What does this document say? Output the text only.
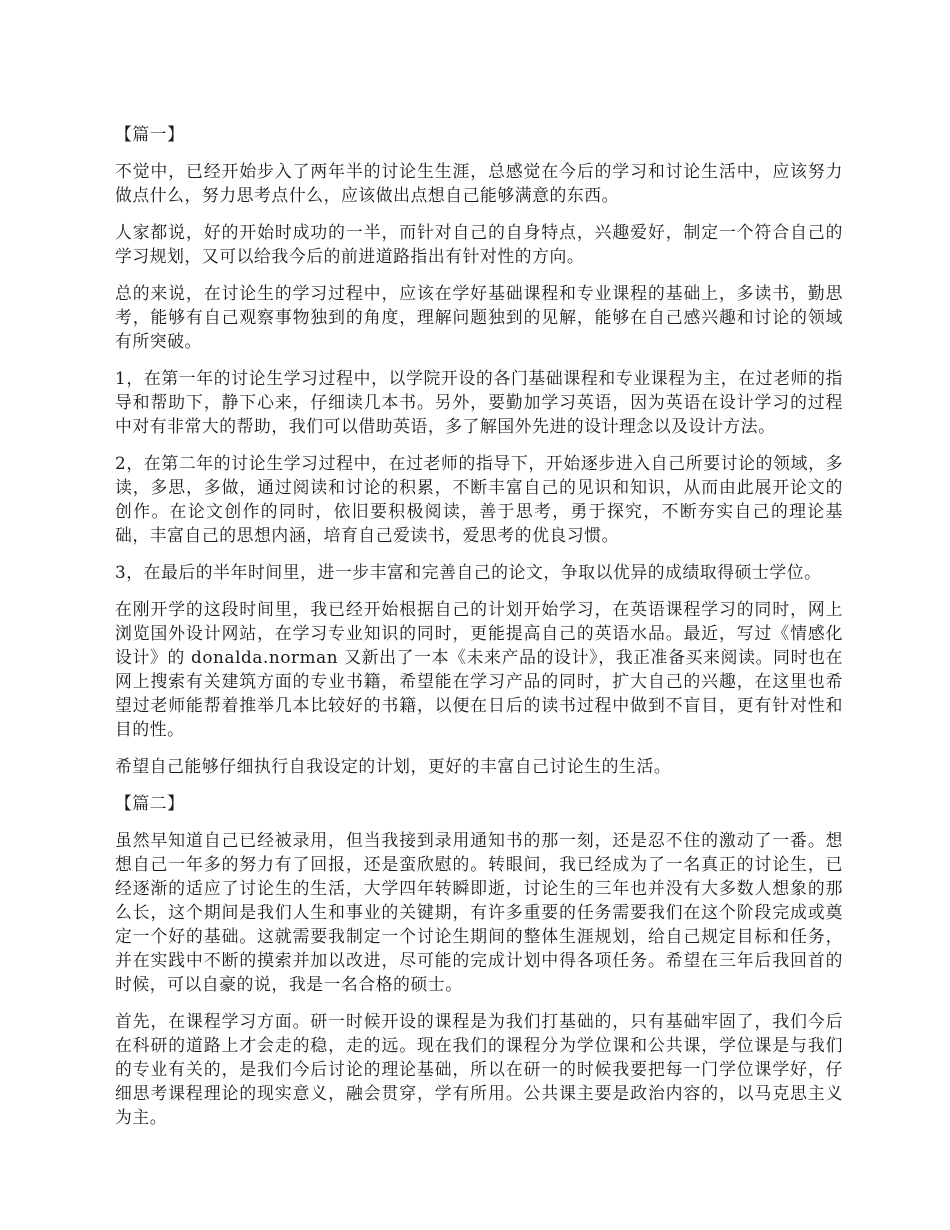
【篇一】

不觉中，已经开始步入了两年半的讨论生生涯，总感觉在今后的学习和讨论生活中，应该努力做点什么，努力思考点什么，应该做出点想自己能够满意的东西。

人家都说，好的开始时成功的一半，而针对自己的自身特点，兴趣爱好，制定一个符合自己的学习规划，又可以给我今后的前进道路指出有针对性的方向。

总的来说，在讨论生的学习过程中，应该在学好基础课程和专业课程的基础上，多读书，勤思考，能够有自己观察事物独到的角度，理解问题独到的见解，能够在自己感兴趣和讨论的领域有所突破。

1，在第一年的讨论生学习过程中，以学院开设的各门基础课程和专业课程为主，在过老师的指导和帮助下，静下心来，仔细读几本书。另外，要勤加学习英语，因为英语在设计学习的过程中对有非常大的帮助，我们可以借助英语，多了解国外先进的设计理念以及设计方法。

2，在第二年的讨论生学习过程中，在过老师的指导下，开始逐步进入自己所要讨论的领域，多读，多思，多做，通过阅读和讨论的积累，不断丰富自己的见识和知识，从而由此展开论文的创作。在论文创作的同时，依旧要积极阅读，善于思考，勇于探究，不断夯实自己的理论基础，丰富自己的思想内涵，培育自己爱读书，爱思考的优良习惯。

3，在最后的半年时间里，进一步丰富和完善自己的论文，争取以优异的成绩取得硕士学位。

在刚开学的这段时间里，我已经开始根据自己的计划开始学习，在英语课程学习的同时，网上浏览国外设计网站，在学习专业知识的同时，更能提高自己的英语水品。最近，写过《情感化设计》的 donalda.norman 又新出了一本《未来产品的设计》，我正准备买来阅读。同时也在网上搜索有关建筑方面的专业书籍，希望能在学习产品的同时，扩大自己的兴趣，在这里也希望过老师能帮着推举几本比较好的书籍，以便在日后的读书过程中做到不盲目，更有针对性和目的性。

希望自己能够仔细执行自我设定的计划，更好的丰富自己讨论生的生活。

【篇二】

虽然早知道自己已经被录用，但当我接到录用通知书的那一刻，还是忍不住的激动了一番。想想自己一年多的努力有了回报，还是蛮欣慰的。转眼间，我已经成为了一名真正的讨论生，已经逐渐的适应了讨论生的生活，大学四年转瞬即逝，讨论生的三年也并没有大多数人想象的那么长，这个期间是我们人生和事业的关键期，有许多重要的任务需要我们在这个阶段完成或奠定一个好的基础。这就需要我制定一个讨论生期间的整体生涯规划，给自己规定目标和任务，并在实践中不断的摸索并加以改进，尽可能的完成计划中得各项任务。希望在三年后我回首的时候，可以自豪的说，我是一名合格的硕士。

首先，在课程学习方面。研一时候开设的课程是为我们打基础的，只有基础牢固了，我们今后在科研的道路上才会走的稳，走的远。现在我们的课程分为学位课和公共课，学位课是与我们的专业有关的，是我们今后讨论的理论基础，所以在研一的时候我要把每一门学位课学好，仔细思考课程理论的现实意义，融会贯穿，学有所用。公共课主要是政治内容的，以马克思主义为主。
